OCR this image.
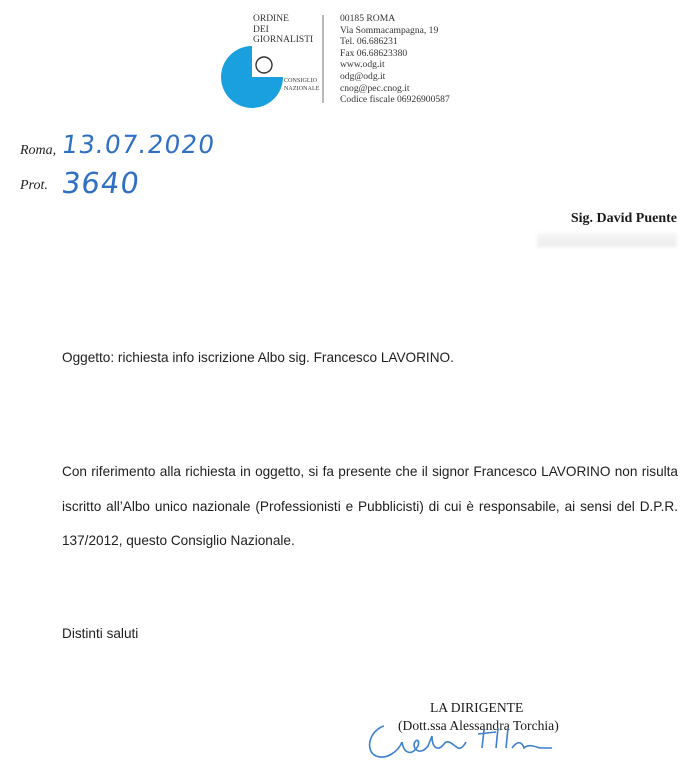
ORDINE
DEI
GIORNALISTI
CONSIGLIO
NAZIONALE
00185 ROMA
Via Sommacampagna, 19
Tel. 06.686231
Fax 06.68623380
www.odg.it
odg@odg.it
cnog@pec.cnog.it
Codice fiscale 06926900587
Roma, 13.07.2020
Prot. 3640
Sig. David Puente
Oggetto: richiesta info iscrizione Albo sig. Francesco LAVORINO.
Con riferimento alla richiesta in oggetto, si fa presente che il signor Francesco LAVORINO non risulta iscritto all’Albo unico nazionale (Professionisti e Pubblicisti) di cui è responsabile, ai sensi del D.P.R. 137/2012, questo Consiglio Nazionale.
Distinti saluti
LA DIRIGENTE
(Dott.ssa Alessandra Torchia)
